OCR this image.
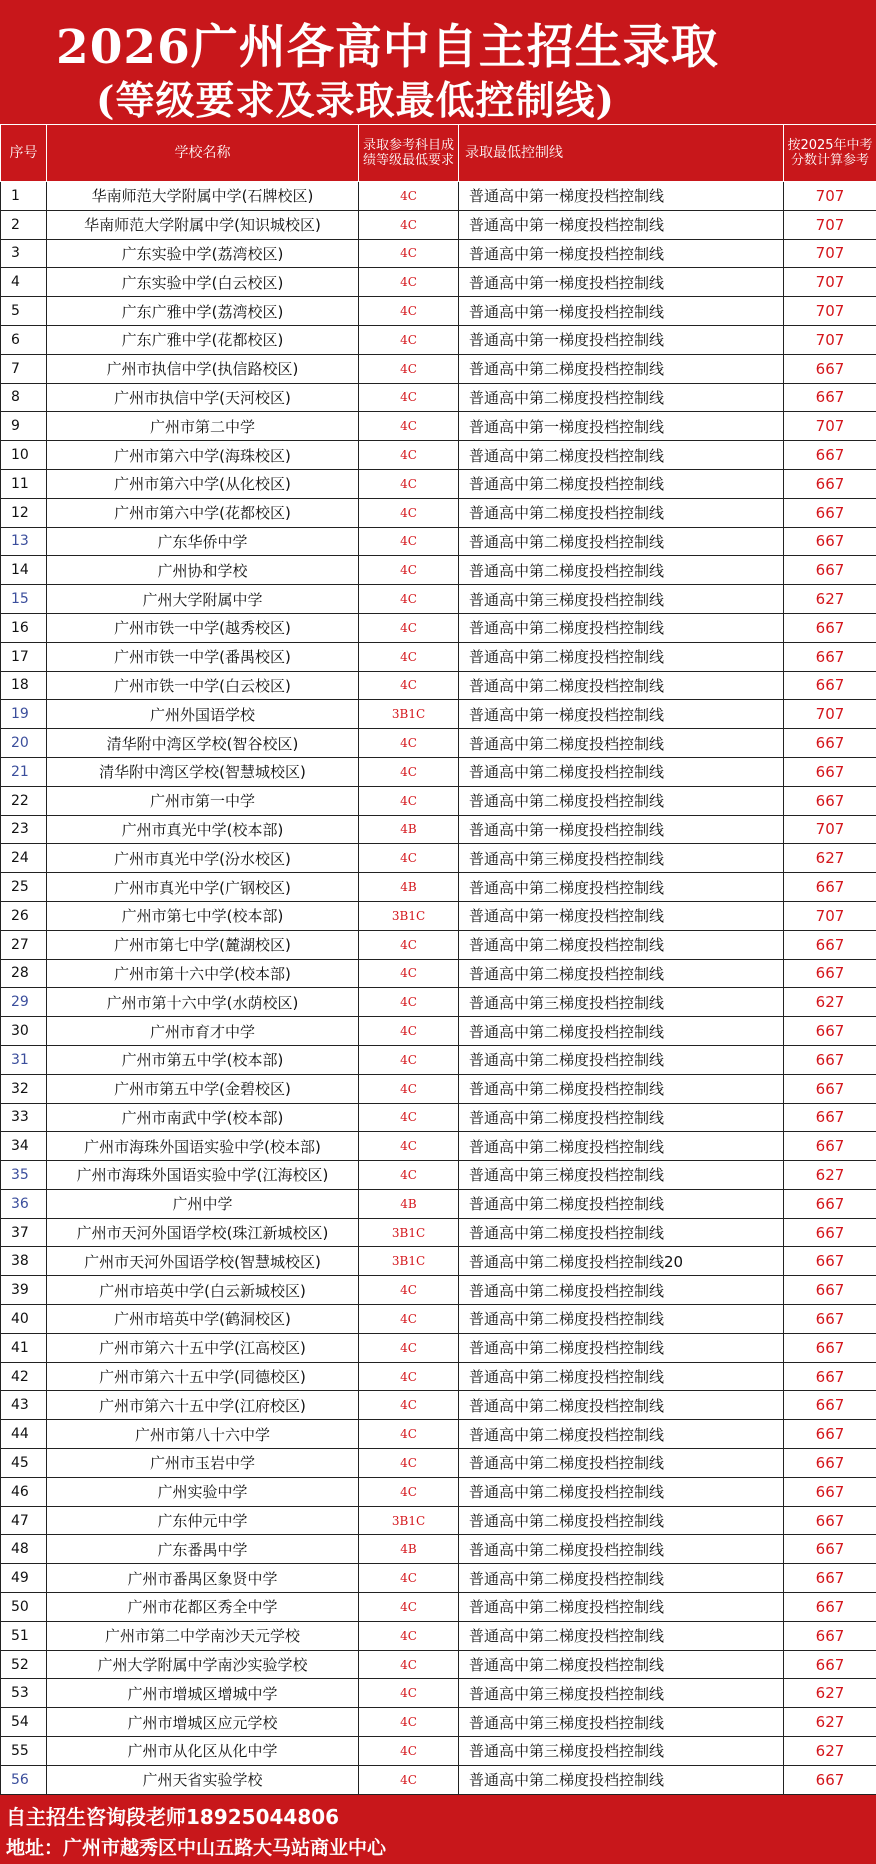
2026广州各高中自主招生录取
(等级要求及录取最低控制线)
序号	学校名称	录取参考科目成绩等级最低要求	录取最低控制线	按2025年中考分数计算参考
1	华南师范大学附属中学(石牌校区)	4C	普通高中第一梯度投档控制线	707
2	华南师范大学附属中学(知识城校区)	4C	普通高中第一梯度投档控制线	707
3	广东实验中学(荔湾校区)	4C	普通高中第一梯度投档控制线	707
4	广东实验中学(白云校区)	4C	普通高中第一梯度投档控制线	707
5	广东广雅中学(荔湾校区)	4C	普通高中第一梯度投档控制线	707
6	广东广雅中学(花都校区)	4C	普通高中第一梯度投档控制线	707
7	广州市执信中学(执信路校区)	4C	普通高中第二梯度投档控制线	667
8	广州市执信中学(天河校区)	4C	普通高中第二梯度投档控制线	667
9	广州市第二中学	4C	普通高中第一梯度投档控制线	707
10	广州市第六中学(海珠校区)	4C	普通高中第二梯度投档控制线	667
11	广州市第六中学(从化校区)	4C	普通高中第二梯度投档控制线	667
12	广州市第六中学(花都校区)	4C	普通高中第二梯度投档控制线	667
13	广东华侨中学	4C	普通高中第二梯度投档控制线	667
14	广州协和学校	4C	普通高中第二梯度投档控制线	667
15	广州大学附属中学	4C	普通高中第三梯度投档控制线	627
16	广州市铁一中学(越秀校区)	4C	普通高中第二梯度投档控制线	667
17	广州市铁一中学(番禺校区)	4C	普通高中第二梯度投档控制线	667
18	广州市铁一中学(白云校区)	4C	普通高中第二梯度投档控制线	667
19	广州外国语学校	3B1C	普通高中第一梯度投档控制线	707
20	清华附中湾区学校(智谷校区)	4C	普通高中第二梯度投档控制线	667
21	清华附中湾区学校(智慧城校区)	4C	普通高中第二梯度投档控制线	667
22	广州市第一中学	4C	普通高中第二梯度投档控制线	667
23	广州市真光中学(校本部)	4B	普通高中第一梯度投档控制线	707
24	广州市真光中学(汾水校区)	4C	普通高中第三梯度投档控制线	627
25	广州市真光中学(广钢校区)	4B	普通高中第二梯度投档控制线	667
26	广州市第七中学(校本部)	3B1C	普通高中第一梯度投档控制线	707
27	广州市第七中学(麓湖校区)	4C	普通高中第二梯度投档控制线	667
28	广州市第十六中学(校本部)	4C	普通高中第二梯度投档控制线	667
29	广州市第十六中学(水荫校区)	4C	普通高中第三梯度投档控制线	627
30	广州市育才中学	4C	普通高中第二梯度投档控制线	667
31	广州市第五中学(校本部)	4C	普通高中第二梯度投档控制线	667
32	广州市第五中学(金碧校区)	4C	普通高中第二梯度投档控制线	667
33	广州市南武中学(校本部)	4C	普通高中第二梯度投档控制线	667
34	广州市海珠外国语实验中学(校本部)	4C	普通高中第二梯度投档控制线	667
35	广州市海珠外国语实验中学(江海校区)	4C	普通高中第三梯度投档控制线	627
36	广州中学	4B	普通高中第二梯度投档控制线	667
37	广州市天河外国语学校(珠江新城校区)	3B1C	普通高中第二梯度投档控制线	667
38	广州市天河外国语学校(智慧城校区)	3B1C	普通高中第二梯度投档控制线20	667
39	广州市培英中学(白云新城校区)	4C	普通高中第二梯度投档控制线	667
40	广州市培英中学(鹤洞校区)	4C	普通高中第二梯度投档控制线	667
41	广州市第六十五中学(江高校区)	4C	普通高中第二梯度投档控制线	667
42	广州市第六十五中学(同德校区)	4C	普通高中第二梯度投档控制线	667
43	广州市第六十五中学(江府校区)	4C	普通高中第二梯度投档控制线	667
44	广州市第八十六中学	4C	普通高中第二梯度投档控制线	667
45	广州市玉岩中学	4C	普通高中第二梯度投档控制线	667
46	广州实验中学	4C	普通高中第二梯度投档控制线	667
47	广东仲元中学	3B1C	普通高中第二梯度投档控制线	667
48	广东番禺中学	4B	普通高中第二梯度投档控制线	667
49	广州市番禺区象贤中学	4C	普通高中第二梯度投档控制线	667
50	广州市花都区秀全中学	4C	普通高中第二梯度投档控制线	667
51	广州市第二中学南沙天元学校	4C	普通高中第二梯度投档控制线	667
52	广州大学附属中学南沙实验学校	4C	普通高中第二梯度投档控制线	667
53	广州市增城区增城中学	4C	普通高中第三梯度投档控制线	627
54	广州市增城区应元学校	4C	普通高中第三梯度投档控制线	627
55	广州市从化区从化中学	4C	普通高中第三梯度投档控制线	627
56	广州天省实验学校	4C	普通高中第二梯度投档控制线	667
自主招生咨询段老师18925044806
地址：广州市越秀区中山五路大马站商业中心
